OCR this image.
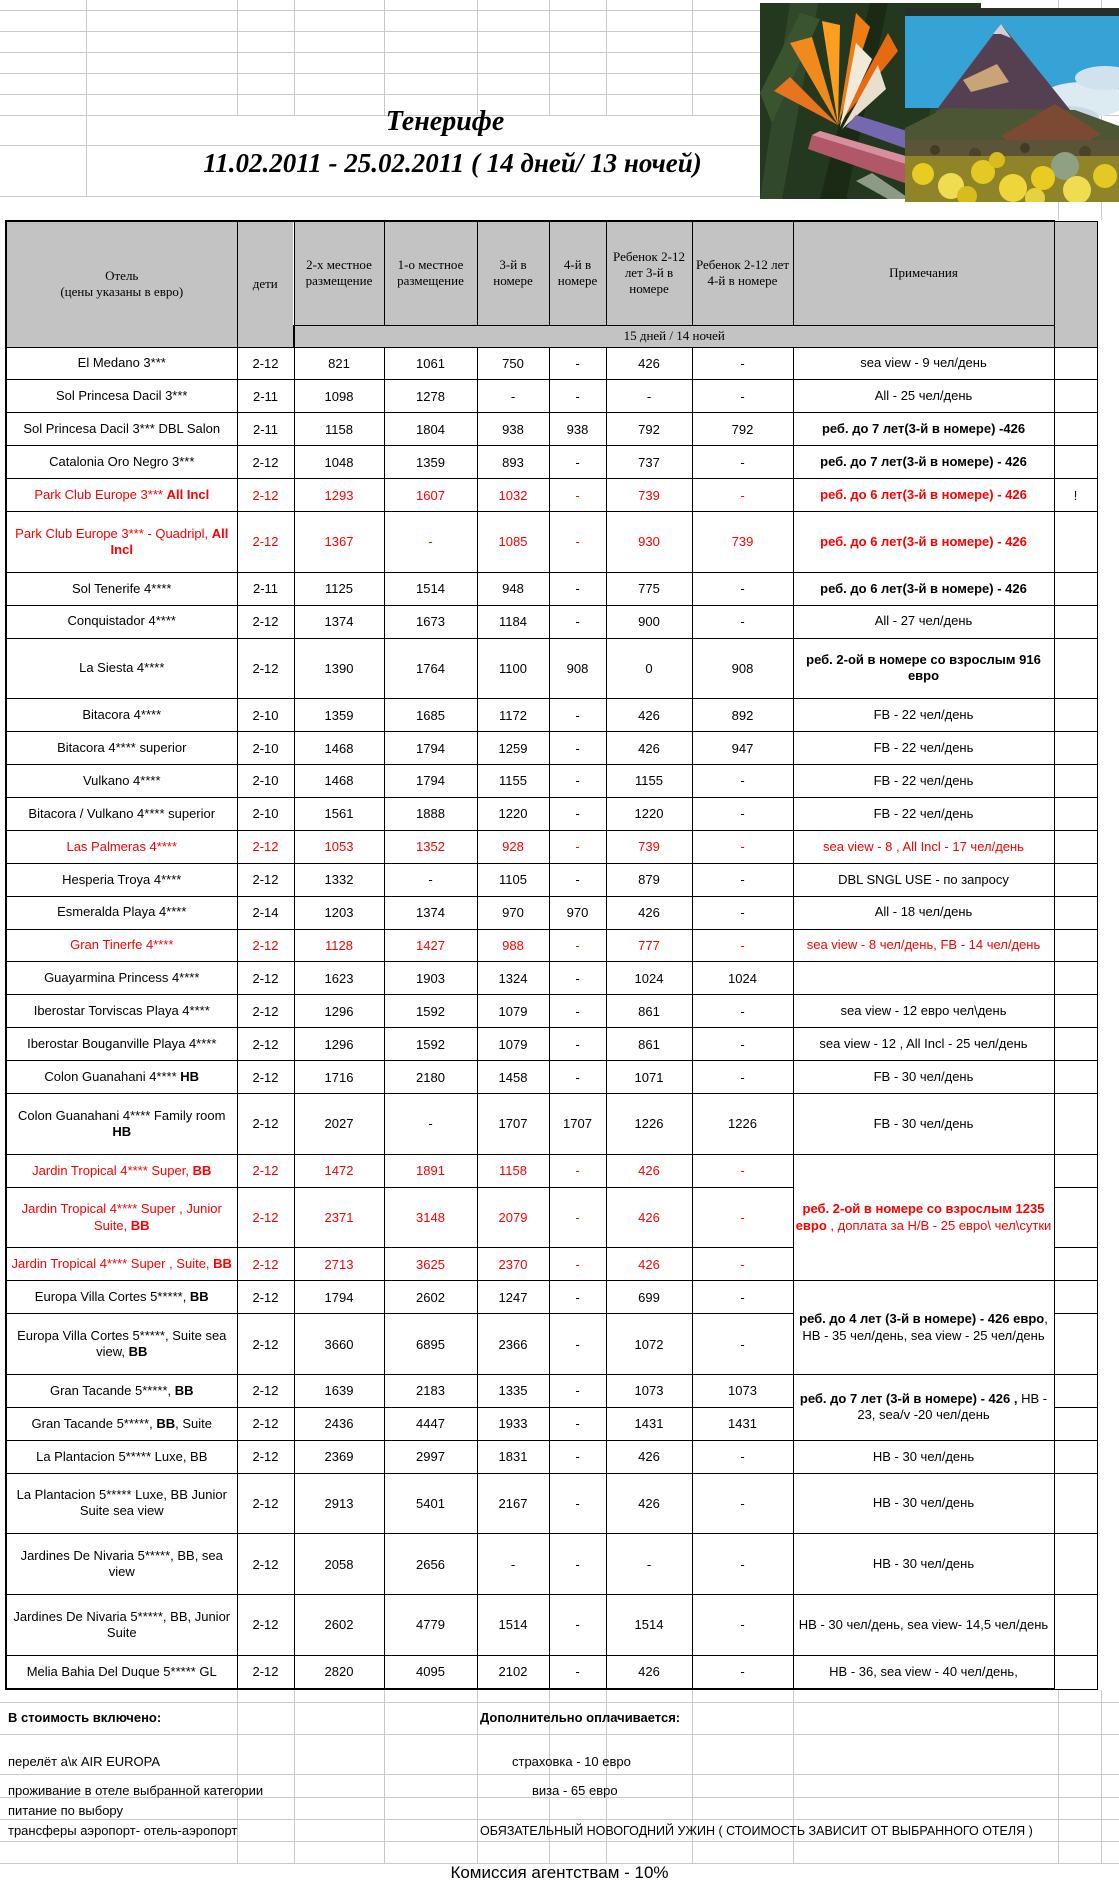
Тенерифе
11.02.2011 - 25.02.2011 ( 14 дней/ 13 ночей)
Отель
(цены указаны в евро)	дети	2-х местное размещение	1-о местное размещение	3-й в номере	4-й в номере	Ребенок 2-12 лет 3-й в номере	Ребенок 2-12 лет 4-й в номере	Примечания	
		15 дней / 14 ночей							
El Medano 3***	2-12	821	1061	750	-	426	-	sea view - 9 чел/день	
Sol Princesa Dacil 3***	2-11	1098	1278	-	-	-	-	All - 25 чел/день	
Sol Princesa Dacil 3*** DBL Salon	2-11	1158	1804	938	938	792	792	реб. до 7 лет(3-й в номере) -426	
Catalonia Oro Negro 3***	2-12	1048	1359	893	-	737	-	реб. до 7 лет(3-й в номере) - 426	
Park Club Europe 3*** All Incl	2-12	1293	1607	1032	-	739	-	реб. до 6 лет(3-й в номере) - 426	!
Park Club Europe 3*** - Quadripl, All Incl	2-12	1367	-	1085	-	930	739	реб. до 6 лет(3-й в номере) - 426	
Sol Tenerife 4****	2-11	1125	1514	948	-	775	-	реб. до 6 лет(3-й в номере) - 426	
Conquistador 4****	2-12	1374	1673	1184	-	900	-	All - 27 чел/день	
La Siesta 4****	2-12	1390	1764	1100	908	0	908	реб. 2-ой в номере со взрослым 916 евро	
Bitacora 4****	2-10	1359	1685	1172	-	426	892	FB - 22 чел/день	
Bitacora 4**** superior	2-10	1468	1794	1259	-	426	947	FB - 22 чел/день	
Vulkano 4****	2-10	1468	1794	1155	-	1155	-	FB - 22 чел/день	
Bitacora / Vulkano 4**** superior	2-10	1561	1888	1220	-	1220	-	FB - 22 чел/день	
Las Palmeras 4****	2-12	1053	1352	928	-	739	-	sea view - 8 , All Incl - 17 чел/день	
Hesperia Troya 4****	2-12	1332	-	1105	-	879	-	DBL SNGL USE - по запросу	
Esmeralda Playa 4****	2-14	1203	1374	970	970	426	-	All - 18 чел/день	
Gran Tinerfe 4****	2-12	1128	1427	988	-	777	-	sea view - 8 чел/день, FB - 14 чел/день	
Guayarmina Princess 4****	2-12	1623	1903	1324	-	1024	1024		
Iberostar Torviscas Playa 4****	2-12	1296	1592	1079	-	861	-	sea view - 12 евро чел\день	
Iberostar Bouganville Playa 4****	2-12	1296	1592	1079	-	861	-	sea view - 12 , All Incl - 25 чел/день	
Colon Guanahani 4**** HB	2-12	1716	2180	1458	-	1071	-	FB - 30 чел/день	
Colon Guanahani 4**** Family room HB	2-12	2027	-	1707	1707	1226	1226	FB - 30 чел/день	
Jardin Tropical 4**** Super, BB	2-12	1472	1891	1158	-	426	-	реб. 2-ой в номере со взрослым 1235 евро , доплата за Н/В - 25 евро\ чел\сутки	
Jardin Tropical 4**** Super , Junior Suite, BB	2-12	2371	3148	2079	-	426	-		
Jardin Tropical 4**** Super , Suite, BB	2-12	2713	3625	2370	-	426	-		
Europa Villa Cortes 5*****, BB	2-12	1794	2602	1247	-	699	-	реб. до 4 лет (3-й в номере) - 426 евро, HB - 35 чел/день, sea view - 25 чел/день	
Europa Villa Cortes 5*****, Suite sea view, BB	2-12	3660	6895	2366	-	1072	-		
Gran Tacande 5*****, BB	2-12	1639	2183	1335	-	1073	1073	реб. до 7 лет (3-й в номере) - 426 , HB - 23, sea/v -20 чел/день	
Gran Tacande 5*****, BB, Suite	2-12	2436	4447	1933	-	1431	1431		
La Plantacion 5***** Luxe, BB	2-12	2369	2997	1831	-	426	-	HB - 30 чел/день	
La Plantacion 5***** Luxe, BB Junior Suite sea view	2-12	2913	5401	2167	-	426	-	HB - 30 чел/день	
Jardines De Nivaria 5*****, BB, sea view	2-12	2058	2656	-	-	-	-	HB - 30 чел/день	
Jardines De Nivaria 5*****, BB, Junior Suite	2-12	2602	4779	1514	-	1514	-	HB - 30 чел/день, sea view- 14,5 чел/день	
Melia Bahia Del Duque 5***** GL	2-12	2820	4095	2102	-	426	-	HB - 36, sea view - 40 чел/день,	
В стоимость включено:	Дополнительно оплачивается:
перелёт а\к AIR EUROPA	страховка - 10 евро
проживание в отеле выбранной категории	виза - 65 евро
питание по выбору
трансферы аэропорт- отель-аэропорт	ОБЯЗАТЕЛЬНЫЙ НОВОГОДНИЙ УЖИН ( СТОИМОСТЬ ЗАВИСИТ ОТ ВЫБРАННОГО ОТЕЛЯ )
Комиссия агентствам - 10%
